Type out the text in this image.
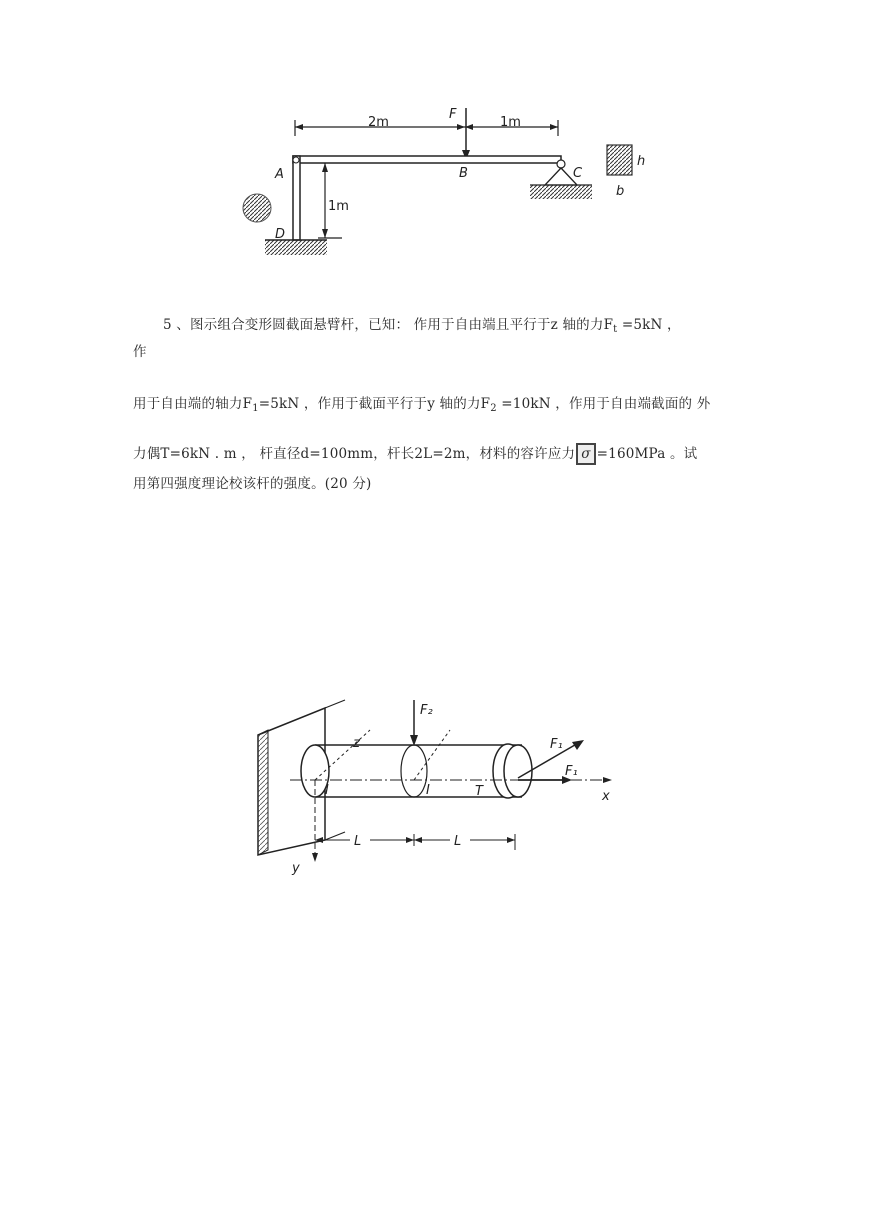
2m	1m
F
1m
A	B	C
D
h
b
5 、图示组合变形圆截面悬臂杆，已知： 作用于自由端且平行于z 轴的力$F_t =5kN$ ，
作
用于自由端的轴力$F_1=5kN$ ，作用于截面平行于y 轴的力$F_2 =10kN$ ，作用于自由端截面的 外
力偶T=6kN . m ， 杆直径d=100mm，杆长2L=2m，材料的容许应力 σ =160MPa 。试
用第四强度理论校该杆的强度。(20 分)
F₂
F₁
F₁
x
y
z
L	L
T
I	I
